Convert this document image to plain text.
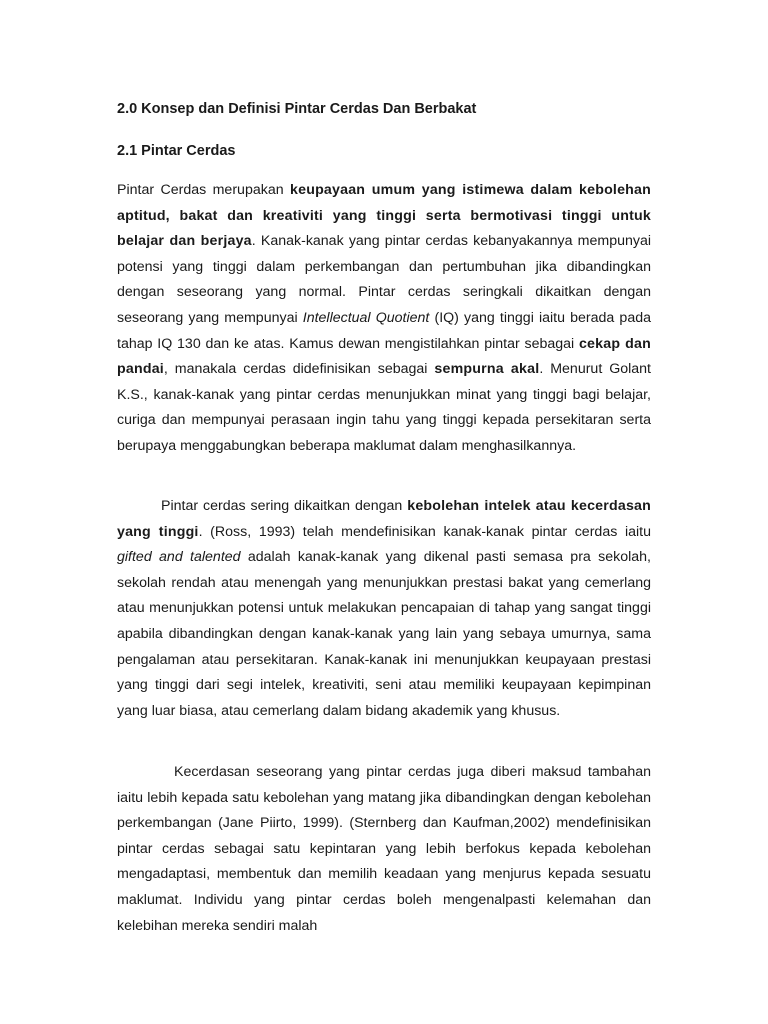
2.0 Konsep dan Definisi Pintar Cerdas Dan Berbakat
2.1 Pintar Cerdas

Pintar Cerdas merupakan keupayaan umum yang istimewa dalam kebolehan aptitud, bakat dan kreativiti yang tinggi serta bermotivasi tinggi untuk belajar dan berjaya. Kanak-kanak yang pintar cerdas kebanyakannya mempunyai potensi yang tinggi dalam perkembangan dan pertumbuhan jika dibandingkan dengan seseorang yang normal. Pintar cerdas seringkali dikaitkan dengan seseorang yang mempunyai Intellectual Quotient (IQ) yang tinggi iaitu berada pada tahap IQ 130 dan ke atas. Kamus dewan mengistilahkan pintar sebagai cekap dan pandai, manakala cerdas didefinisikan sebagai sempurna akal. Menurut Golant K.S., kanak-kanak yang pintar cerdas menunjukkan minat yang tinggi bagi belajar, curiga dan mempunyai perasaan ingin tahu yang tinggi kepada persekitaran serta berupaya menggabungkan beberapa maklumat dalam menghasilkannya.

Pintar cerdas sering dikaitkan dengan kebolehan intelek atau kecerdasan yang tinggi. (Ross, 1993) telah mendefinisikan kanak-kanak pintar cerdas iaitu gifted and talented adalah kanak-kanak yang dikenal pasti semasa pra sekolah, sekolah rendah atau menengah yang menunjukkan prestasi bakat yang cemerlang atau menunjukkan potensi untuk melakukan pencapaian di tahap yang sangat tinggi apabila dibandingkan dengan kanak-kanak yang lain yang sebaya umurnya, sama pengalaman atau persekitaran. Kanak-kanak ini menunjukkan keupayaan prestasi yang tinggi dari segi intelek, kreativiti, seni atau memiliki keupayaan kepimpinan yang luar biasa, atau cemerlang dalam bidang akademik yang khusus.

Kecerdasan seseorang yang pintar cerdas juga diberi maksud tambahan iaitu lebih kepada satu kebolehan yang matang jika dibandingkan dengan kebolehan perkembangan (Jane Piirto, 1999). (Sternberg dan Kaufman,2002) mendefinisikan pintar cerdas sebagai satu kepintaran yang lebih berfokus kepada kebolehan mengadaptasi, membentuk dan memilih keadaan yang menjurus kepada sesuatu maklumat. Individu yang pintar cerdas boleh mengenalpasti kelemahan dan kelebihan mereka sendiri malah
